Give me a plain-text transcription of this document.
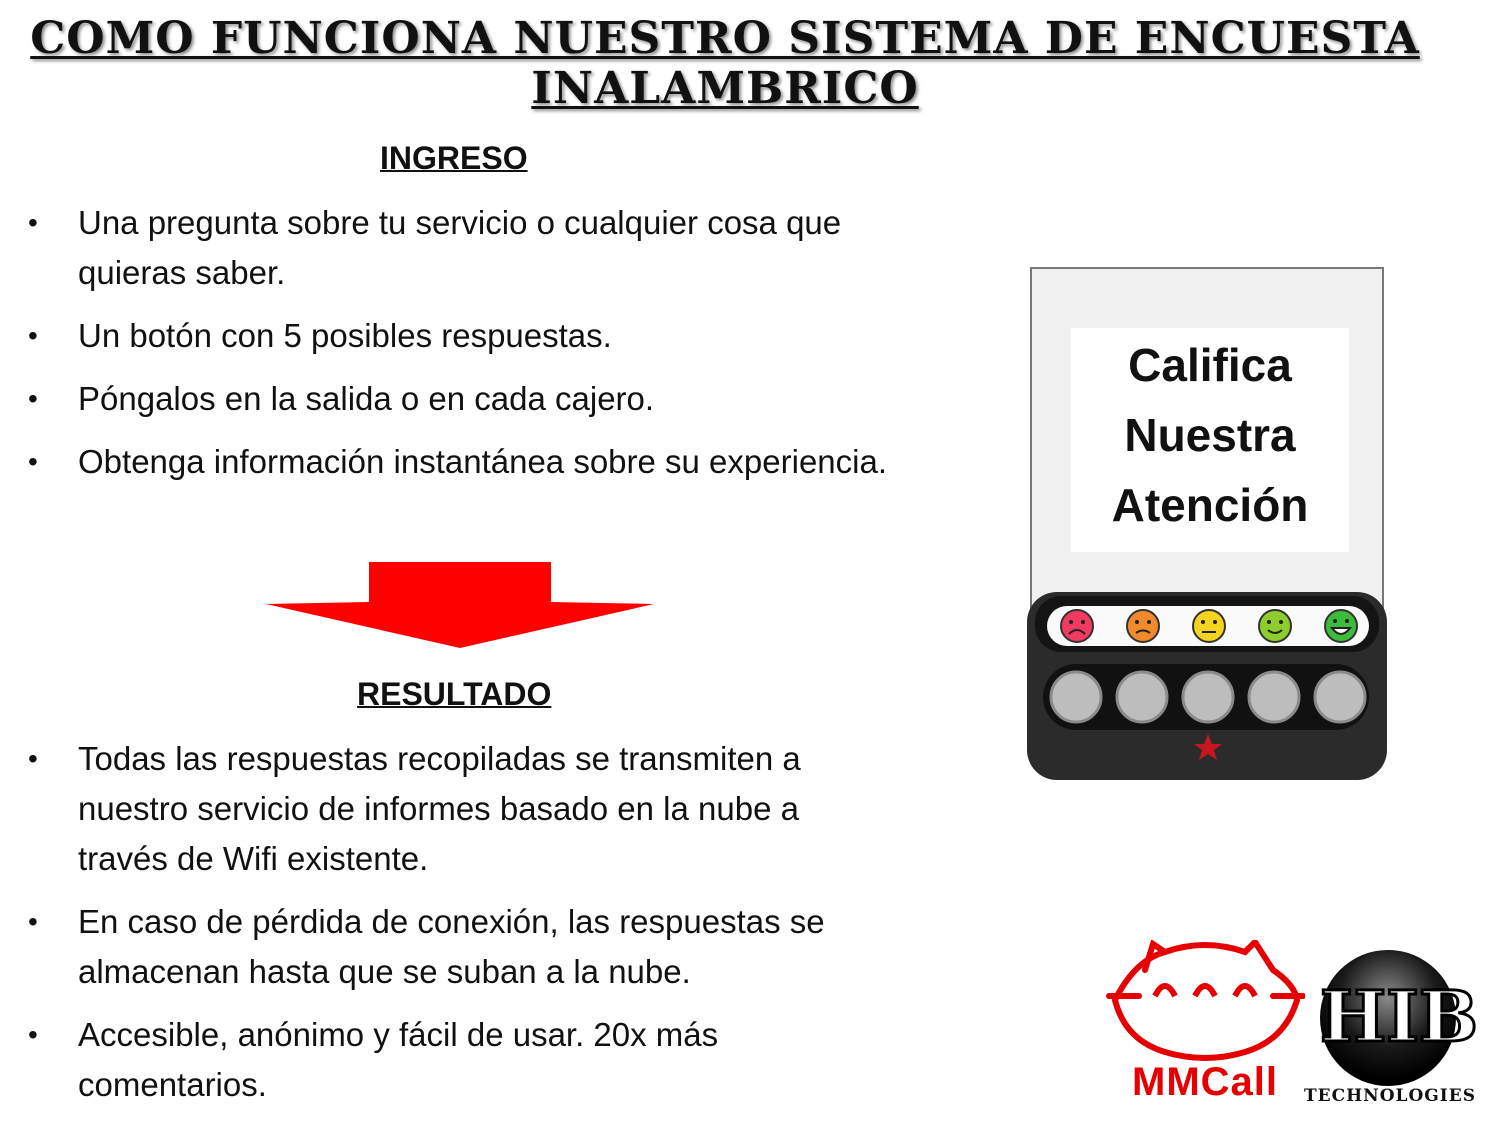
COMO FUNCIONA NUESTRO SISTEMA DE ENCUESTA
INALAMBRICO
INGRESO
• Una pregunta sobre tu servicio o cualquier cosa que quieras saber.
• Un botón con 5 posibles respuestas.
• Póngalos en la salida o en cada cajero.
• Obtenga información instantánea sobre su experiencia.
RESULTADO
• Todas las respuestas recopiladas se transmiten a nuestro servicio de informes basado en la nube a través de Wifi existente.
• En caso de pérdida de conexión, las respuestas se almacenan hasta que se suban a la nube.
• Accesible, anónimo y fácil de usar. 20x más comentarios.
Califica
Nuestra
Atención
MMCall
HIB
TECHNOLOGIES
